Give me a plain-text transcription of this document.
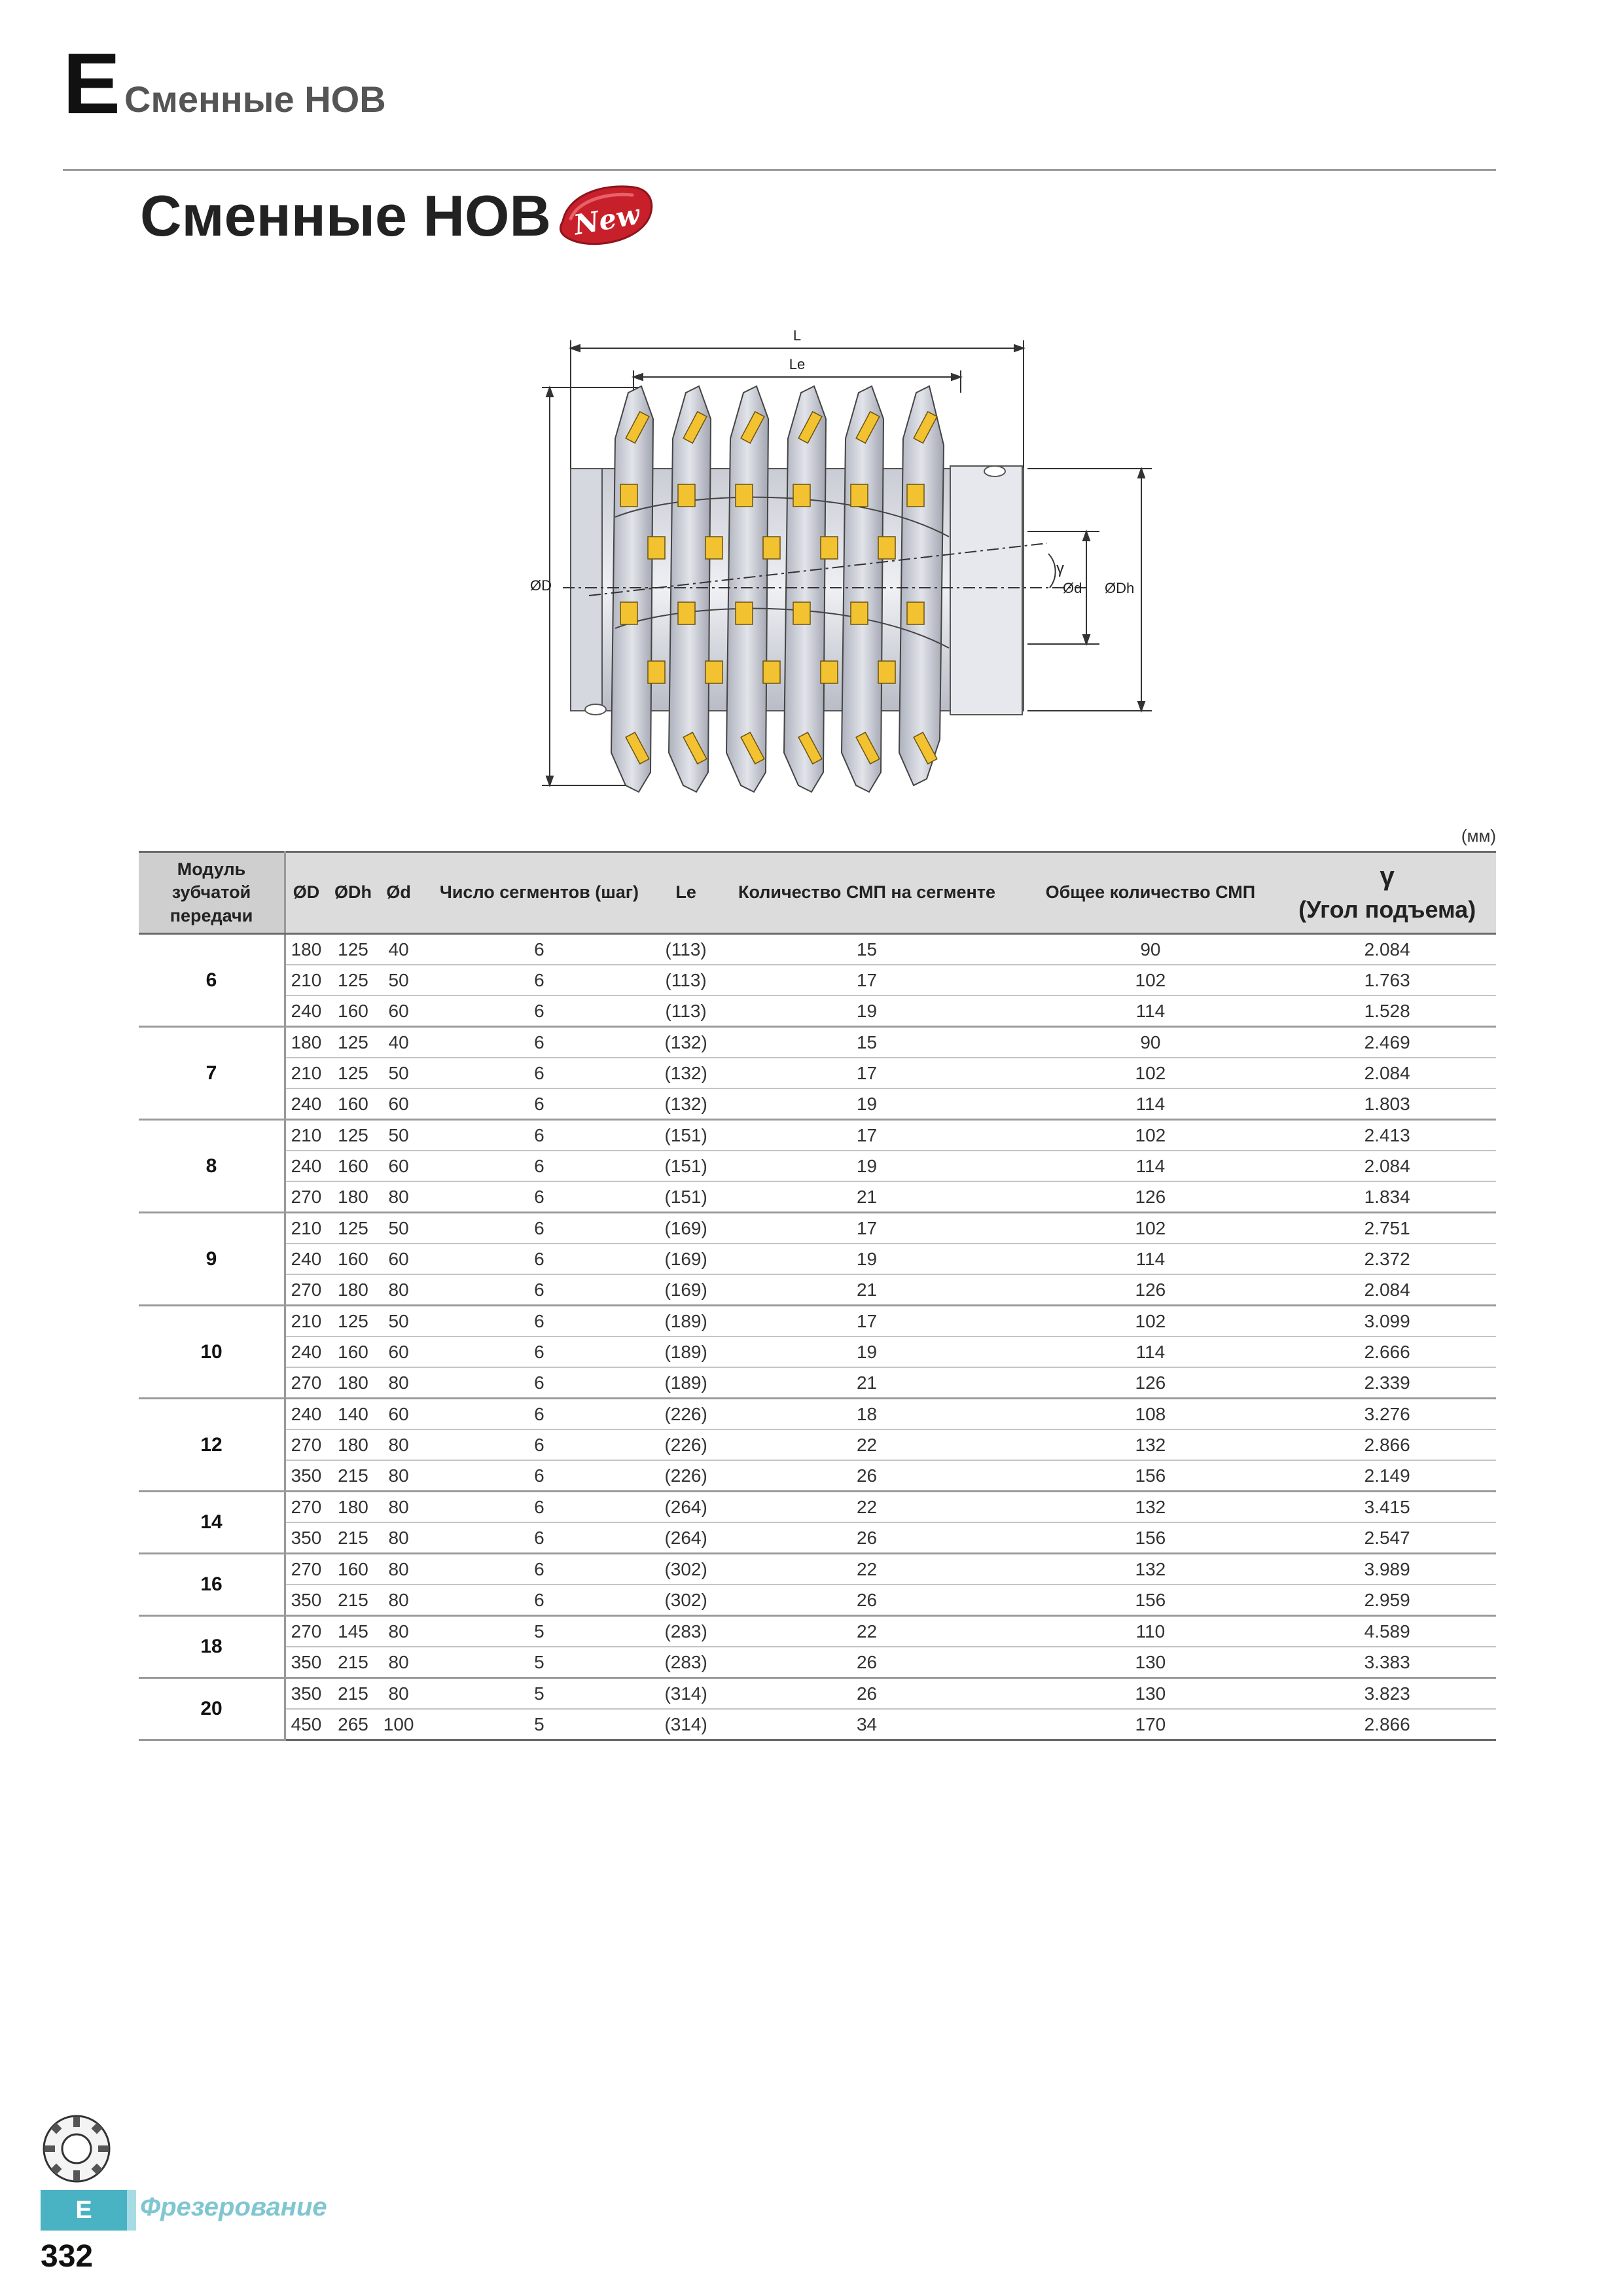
E Сменные HOB
Сменные HOB New
L
Le
ØD
γ
Ød ØDh
(мм)
Модуль зубчатой передачи	ØD	ØDh	Ød	Число сегментов (шаг)	Le	Количество СМП на сегменте	Общее количество СМП	γ
(Угол подъема)
6	180	125	40	6	(113)	15	90	2.084
	210	125	50	6	(113)	17	102	1.763
	240	160	60	6	(113)	19	114	1.528
7	180	125	40	6	(132)	15	90	2.469
	210	125	50	6	(132)	17	102	2.084
	240	160	60	6	(132)	19	114	1.803
8	210	125	50	6	(151)	17	102	2.413
	240	160	60	6	(151)	19	114	2.084
	270	180	80	6	(151)	21	126	1.834
9	210	125	50	6	(169)	17	102	2.751
	240	160	60	6	(169)	19	114	2.372
	270	180	80	6	(169)	21	126	2.084
10	210	125	50	6	(189)	17	102	3.099
	240	160	60	6	(189)	19	114	2.666
	270	180	80	6	(189)	21	126	2.339
12	240	140	60	6	(226)	18	108	3.276
	270	180	80	6	(226)	22	132	2.866
	350	215	80	6	(226)	26	156	2.149
14	270	180	80	6	(264)	22	132	3.415
	350	215	80	6	(264)	26	156	2.547
16	270	160	80	6	(302)	22	132	3.989
	350	215	80	6	(302)	26	156	2.959
18	270	145	80	5	(283)	22	110	4.589
	350	215	80	5	(283)	26	130	3.383
20	350	215	80	5	(314)	26	130	3.823
	450	265	100	5	(314)	34	170	2.866
E	Фрезерование
332
